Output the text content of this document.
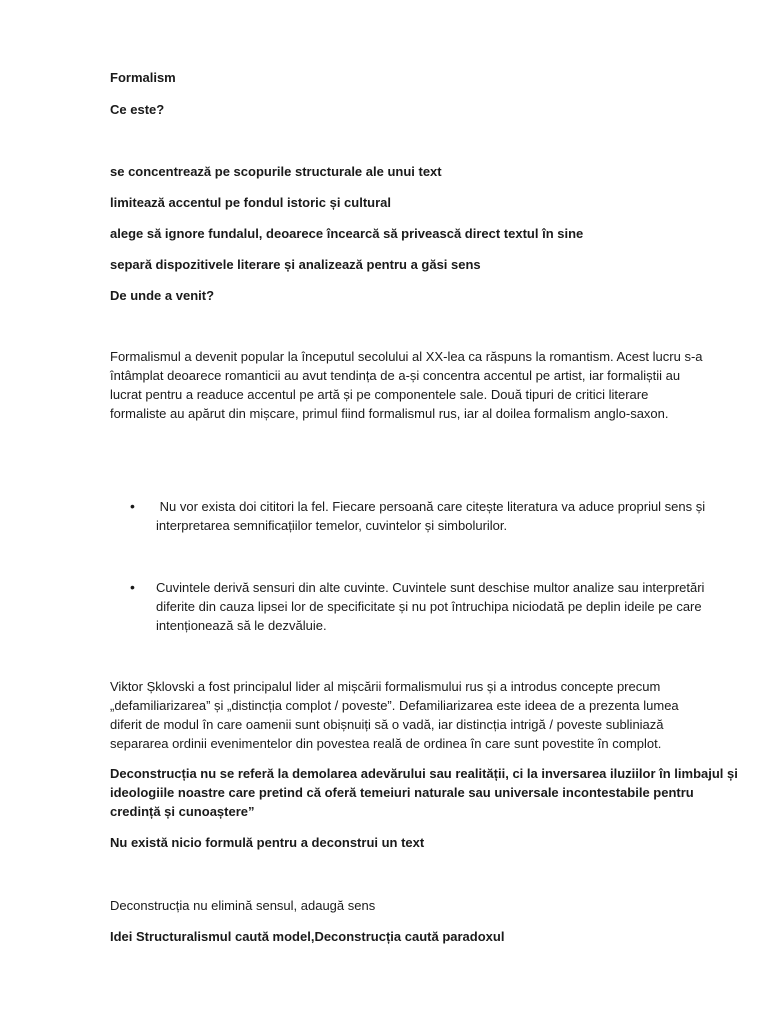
Formalism

Ce este?

se concentrează pe scopurile structurale ale unui text

limitează accentul pe fondul istoric și cultural

alege să ignore fundalul, deoarece încearcă să privească direct textul în sine

separă dispozitivele literare și analizează pentru a găsi sens

De unde a venit?

Formalismul a devenit popular la începutul secolului al XX-lea ca răspuns la romantism. Acest lucru s-a
întâmplat deoarece romanticii au avut tendința de a-și concentra accentul pe artist, iar formaliștii au
lucrat pentru a readuce accentul pe artă și pe componentele sale. Două tipuri de critici literare
formaliste au apărut din mișcare, primul fiind formalismul rus, iar al doilea formalism anglo-saxon.
• Nu vor exista doi cititori la fel. Fiecare persoană care citește literatura va aduce propriul sens și
interpretarea semnificațiilor temelor, cuvintelor și simbolurilor.
• Cuvintele derivă sensuri din alte cuvinte. Cuvintele sunt deschise multor analize sau interpretări
diferite din cauza lipsei lor de specificitate și nu pot întruchipa niciodată pe deplin ideile pe care
intenționează să le dezvăluie.
Viktor Șklovski a fost principalul lider al mișcării formalismului rus și a introdus concepte precum
„defamiliarizarea” și „distincția complot / poveste”. Defamiliarizarea este ideea de a prezenta lumea
diferit de modul în care oamenii sunt obișnuiți să o vadă, iar distincția intrigă / poveste subliniază
separarea ordinii evenimentelor din povestea reală de ordinea în care sunt povestite în complot.
Deconstrucția nu se referă la demolarea adevărului sau realității, ci la inversarea iluziilor în limbajul și
ideologiile noastre care pretind că oferă temeiuri naturale sau universale incontestabile pentru
credință și cunoaștere”

Nu există nicio formulă pentru a deconstrui un text

Deconstrucția nu elimină sensul, adaugă sens

Idei Structuralismul caută model,Deconstrucția caută paradoxul
